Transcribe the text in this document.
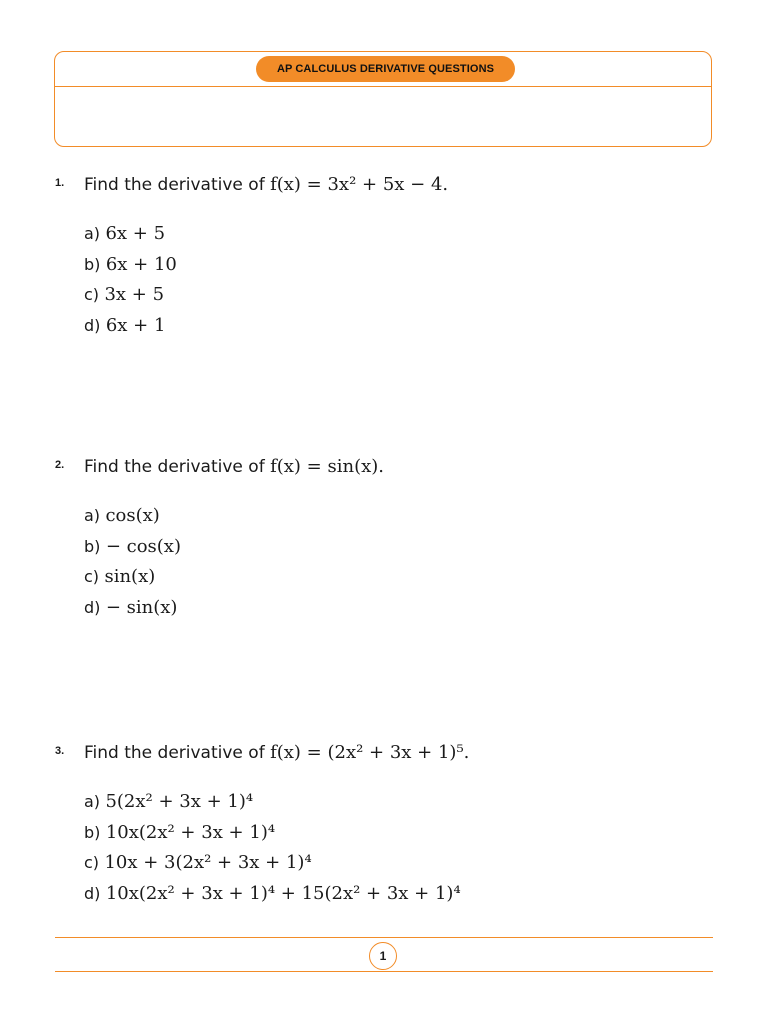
AP CALCULUS DERIVATIVE QUESTIONS
1. Find the derivative of f(x) = 3x² + 5x − 4.
a) 6x + 5
b) 6x + 10
c) 3x + 5
d) 6x + 1
2. Find the derivative of f(x) = sin(x).
a) cos(x)
b) − cos(x)
c) sin(x)
d) − sin(x)
3. Find the derivative of f(x) = (2x² + 3x + 1)⁵.
a) 5(2x² + 3x + 1)⁴
b) 10x(2x² + 3x + 1)⁴
c) 10x + 3(2x² + 3x + 1)⁴
d) 10x(2x² + 3x + 1)⁴ + 15(2x² + 3x + 1)⁴
1
